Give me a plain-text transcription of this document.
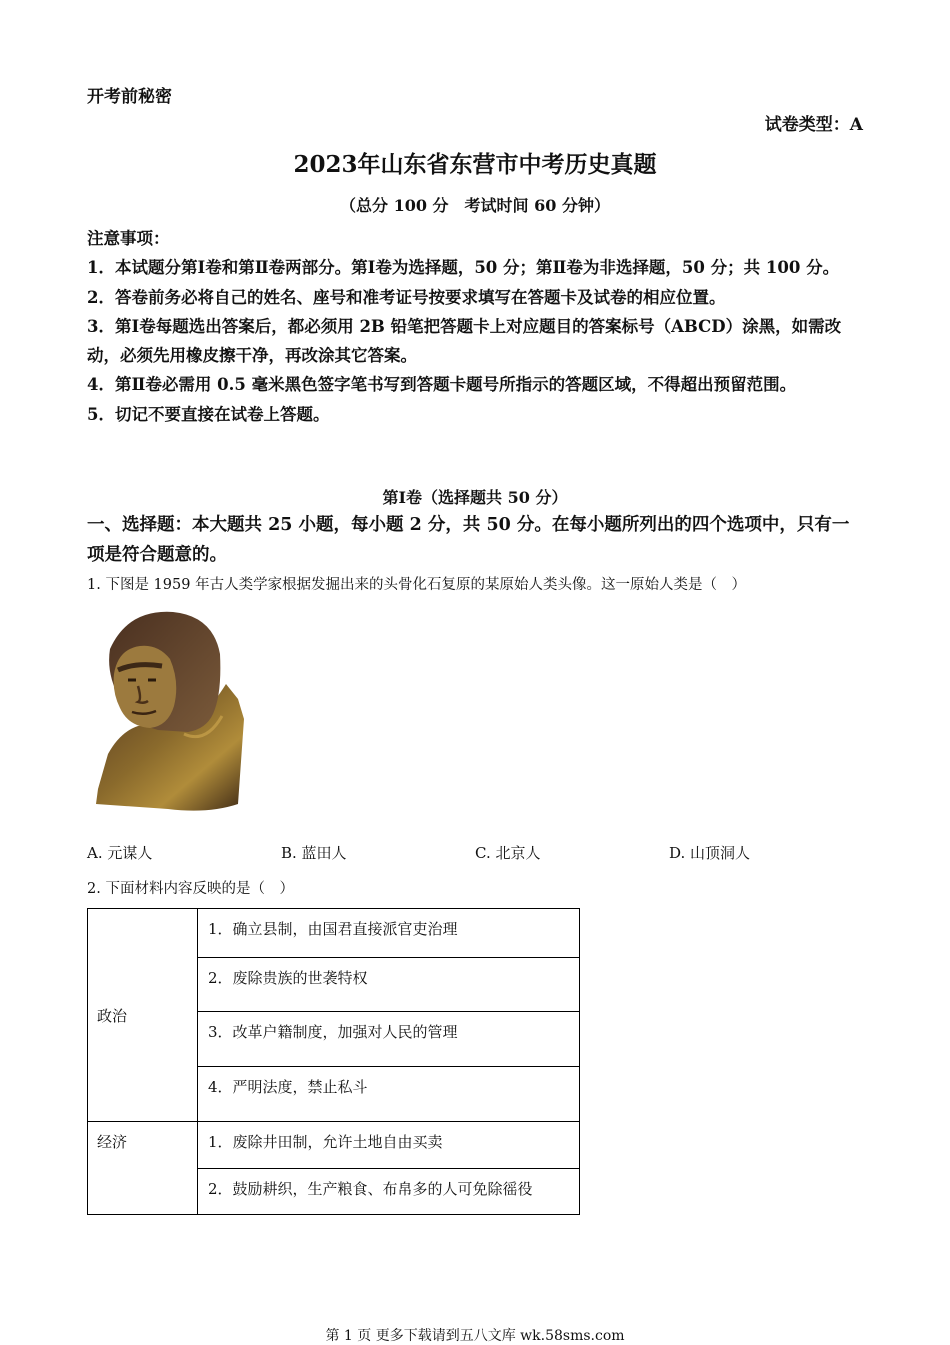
开考前秘密
试卷类型：A
2023年山东省东营市中考历史真题
（总分 100 分　考试时间 60 分钟）

注意事项：

1．本试题分第Ⅰ卷和第Ⅱ卷两部分。第Ⅰ卷为选择题，50 分；第Ⅱ卷为非选择题，50 分；共 100 分。

2．答卷前务必将自己的姓名、座号和准考证号按要求填写在答题卡及试卷的相应位置。

3．第Ⅰ卷每题选出答案后，都必须用 2B 铅笔把答题卡上对应题目的答案标号（ABCD）涂黑，如需改动，必须先用橡皮擦干净，再改涂其它答案。

4．第Ⅱ卷必需用 0.5 毫米黑色签字笔书写到答题卡题号所指示的答题区域，不得超出预留范围。

5．切记不要直接在试卷上答题。

第Ⅰ卷（选择题共 50 分）
一、选择题：本大题共 25 小题，每小题 2 分，共 50 分。在每小题所列出的四个选项中，只有一项是符合题意的。
1. 下图是 1959 年古人类学家根据发掘出来的头骨化石复原的某原始人类头像。这一原始人类是（　）
A. 元谋人	B. 蓝田人	C. 北京人	D. 山顶洞人
2. 下面材料内容反映的是（　）
政治	1．确立县制，由国君直接派官吏治理
	2．废除贵族的世袭特权
	3．改革户籍制度，加强对人民的管理
	4．严明法度，禁止私斗
经济	1．废除井田制，允许土地自由买卖
	2．鼓励耕织，生产粮食、布帛多的人可免除徭役
第 1 页 更多下载请到五八文库 wk.58sms.com
